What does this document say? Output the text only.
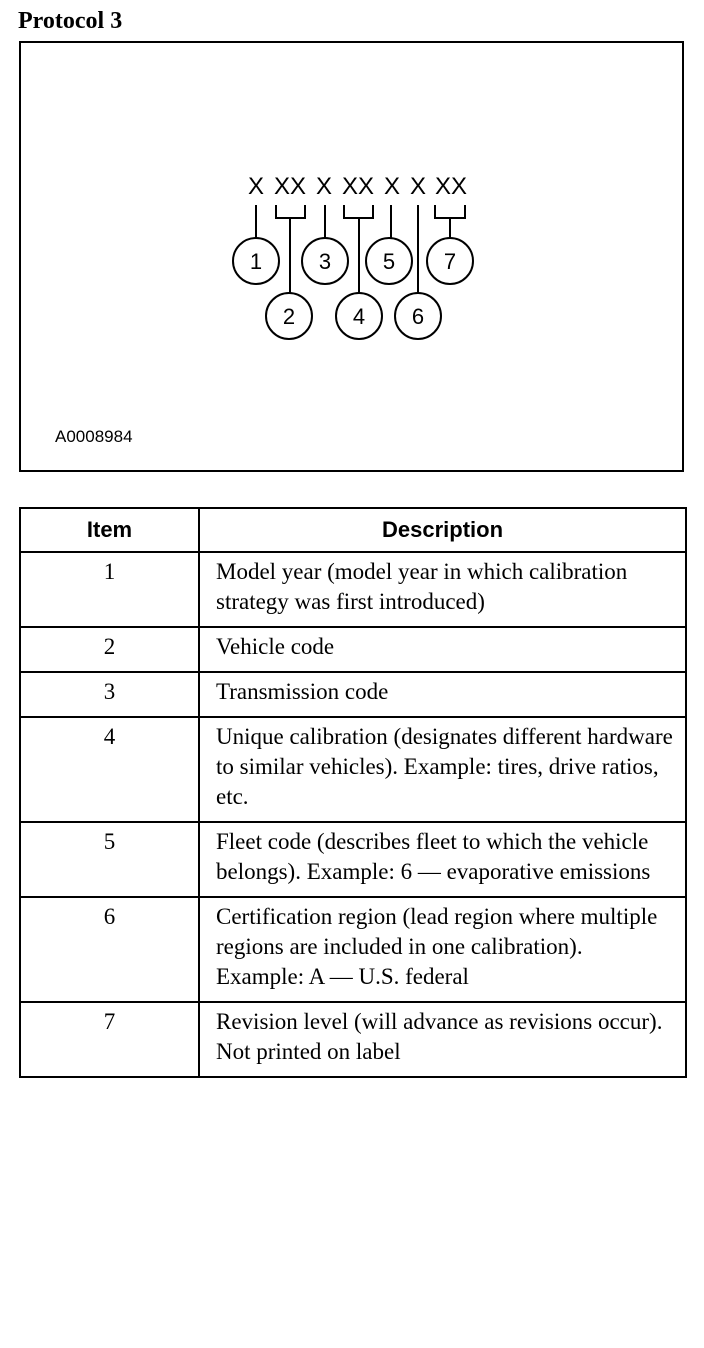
Protocol 3
X XX X XX X X XX
1
2
3
4
5
6
7
A0008984
Item	Description
1	Model year (model year in which calibration strategy was first introduced)
2	Vehicle code
3	Transmission code
4	Unique calibration (designates different hardware to similar vehicles). Example: tires, drive ratios, etc.
5	Fleet code (describes fleet to which the vehicle belongs). Example: 6 — evaporative emissions
6	Certification region (lead region where multiple regions are included in one calibration). Example: A — U.S. federal
7	Revision level (will advance as revisions occur). Not printed on label
